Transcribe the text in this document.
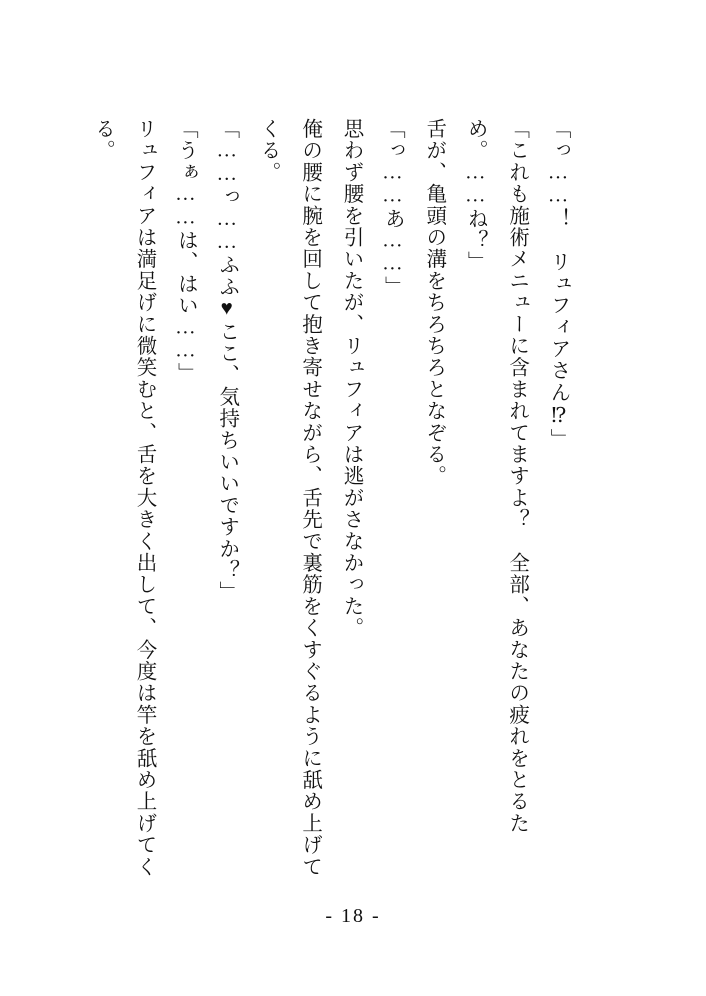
「っ……！　リュフィアさん⁉」

「これも施術メニューに含まれてますよ？　全部、あなたの疲れをとるため。……ね？」

舌が、亀頭の溝をちろちろとなぞる。

「っ……あ……」

思わず腰を引いたが、リュフィアは逃がさなかった。

俺の腰に腕を回して抱き寄せながら、舌先で裏筋をくすぐるように舐め上げてくる。

「……っ……ふふ♥ここ、気持ちいいですか？」

「うぁ……は、はい……」

リュフィアは満足げに微笑むと、舌を大きく出して、今度は竿を舐め上げてくる。

- 18 -
